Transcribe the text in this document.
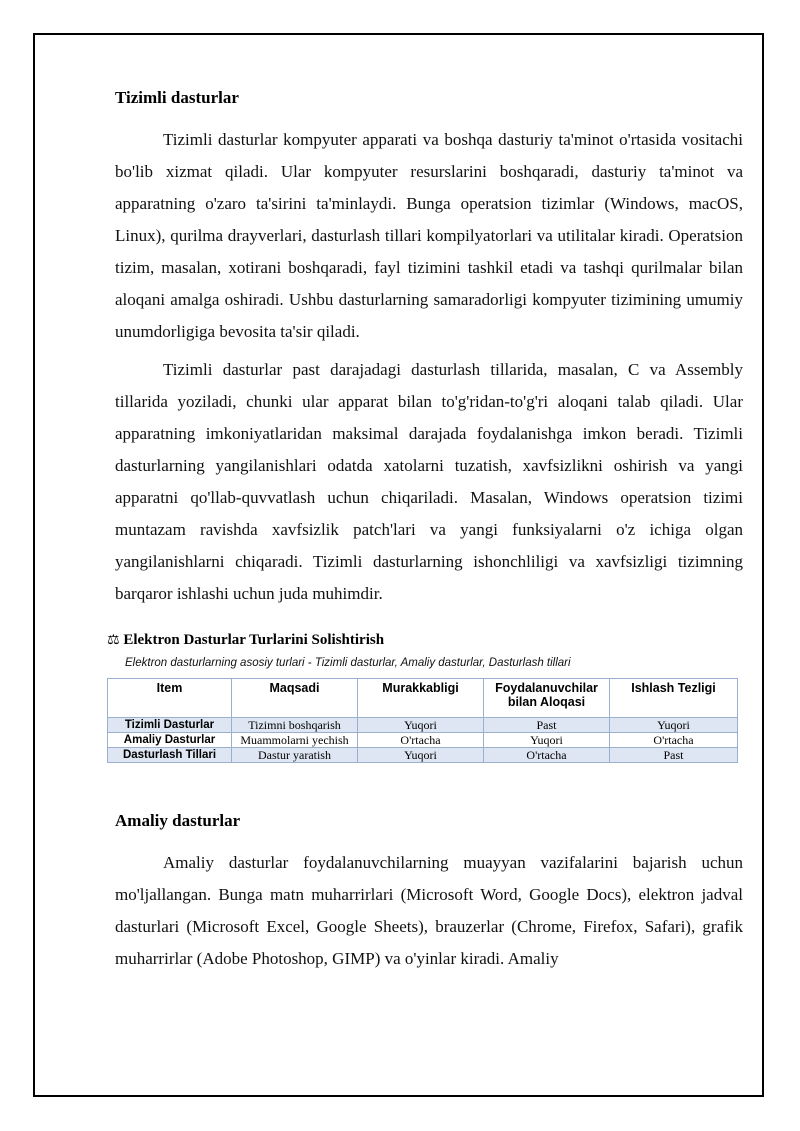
Tizimli dasturlar

Tizimli dasturlar kompyuter apparati va boshqa dasturiy ta'minot o'rtasida vositachi bo'lib xizmat qiladi. Ular kompyuter resurslarini boshqaradi, dasturiy ta'minot va apparatning o'zaro ta'sirini ta'minlaydi. Bunga operatsion tizimlar (Windows, macOS, Linux), qurilma drayverlari, dasturlash tillari kompilyatorlari va utilitalar kiradi. Operatsion tizim, masalan, xotirani boshqaradi, fayl tizimini tashkil etadi va tashqi qurilmalar bilan aloqani amalga oshiradi. Ushbu dasturlarning samaradorligi kompyuter tizimining umumiy unumdorligiga bevosita ta'sir qiladi.

Tizimli dasturlar past darajadagi dasturlash tillarida, masalan, C va Assembly tillarida yoziladi, chunki ular apparat bilan to'g'ridan-to'g'ri aloqani talab qiladi. Ular apparatning imkoniyatlaridan maksimal darajada foydalanishga imkon beradi. Tizimli dasturlarning yangilanishlari odatda xatolarni tuzatish, xavfsizlikni oshirish va yangi apparatni qo'llab-quvvatlash uchun chiqariladi. Masalan, Windows operatsion tizimi muntazam ravishda xavfsizlik patch'lari va yangi funksiyalarni o'z ichiga olgan yangilanishlarni chiqaradi. Tizimli dasturlarning ishonchliligi va xavfsizligi tizimning barqaror ishlashi uchun juda muhimdir.

⚖ Elektron Dasturlar Turlarini Solishtirish
Elektron dasturlarning asosiy turlari - Tizimli dasturlar, Amaliy dasturlar, Dasturlash tillari
Item	Maqsadi	Murakkabligi	Foydalanuvchilar bilan Aloqasi	Ishlash Tezligi
Tizimli Dasturlar	Tizimni boshqarish	Yuqori	Past	Yuqori
Amaliy Dasturlar	Muammolarni yechish	O'rtacha	Yuqori	O'rtacha
Dasturlash Tillari	Dastur yaratish	Yuqori	O'rtacha	Past
Amaliy dasturlar

Amaliy dasturlar foydalanuvchilarning muayyan vazifalarini bajarish uchun mo'ljallangan. Bunga matn muharrirlari (Microsoft Word, Google Docs), elektron jadval dasturlari (Microsoft Excel, Google Sheets), brauzerlar (Chrome, Firefox, Safari), grafik muharrirlar (Adobe Photoshop, GIMP) va o'yinlar kiradi. Amaliy
